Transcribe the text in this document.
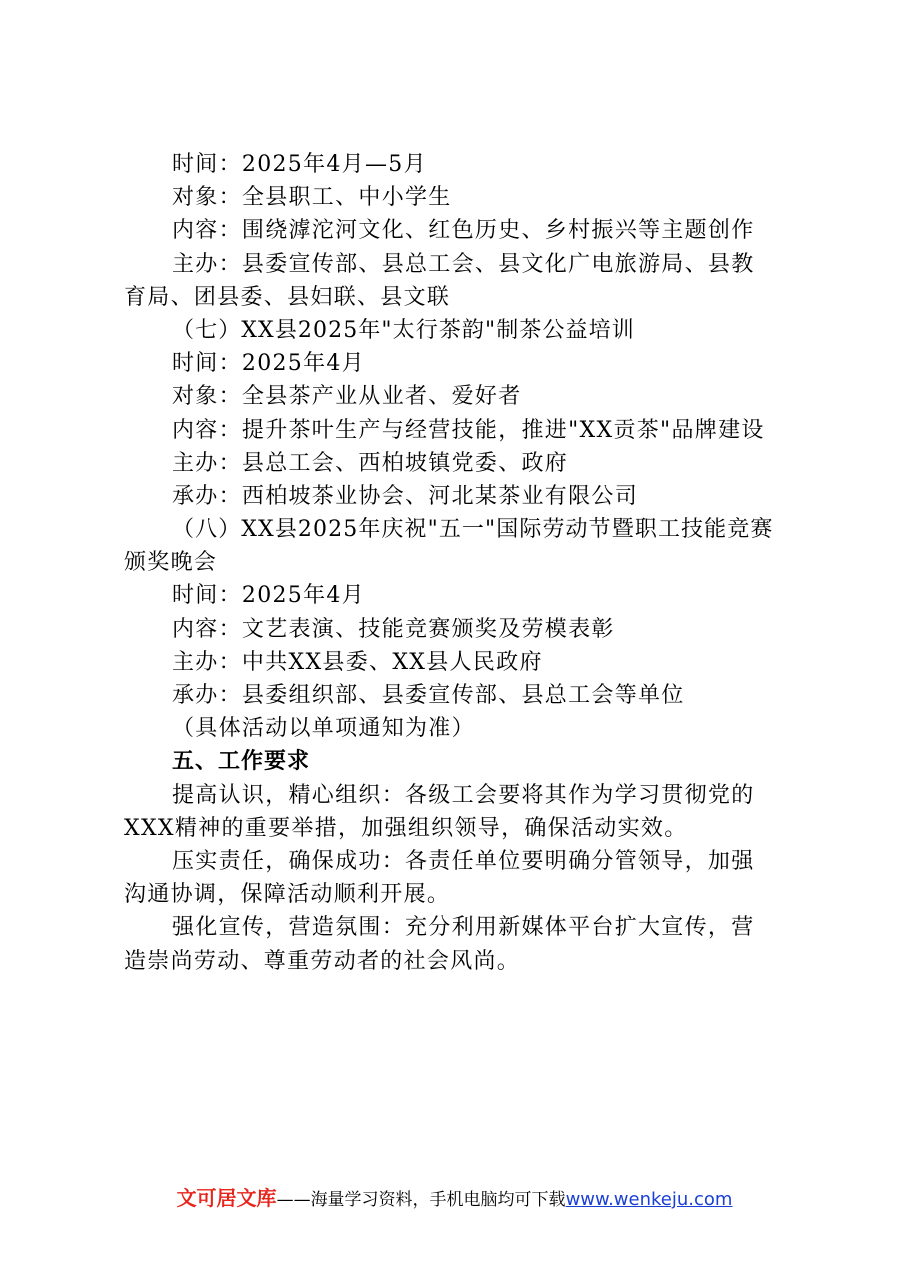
时间：2025年4月—5月
对象：全县职工、中小学生
内容：围绕滹沱河文化、红色历史、乡村振兴等主题创作
主办：县委宣传部、县总工会、县文化广电旅游局、县教
育局、团县委、县妇联、县文联
（七）XX县2025年"太行茶韵"制茶公益培训
时间：2025年4月
对象：全县茶产业从业者、爱好者
内容：提升茶叶生产与经营技能，推进"XX贡茶"品牌建设
主办：县总工会、西柏坡镇党委、政府
承办：西柏坡茶业协会、河北某茶业有限公司
（八）XX县2025年庆祝"五一"国际劳动节暨职工技能竞赛
颁奖晚会
时间：2025年4月
内容：文艺表演、技能竞赛颁奖及劳模表彰
主办：中共XX县委、XX县人民政府
承办：县委组织部、县委宣传部、县总工会等单位
（具体活动以单项通知为准）
五、工作要求
提高认识，精心组织：各级工会要将其作为学习贯彻党的
XXX精神的重要举措，加强组织领导，确保活动实效。
压实责任，确保成功：各责任单位要明确分管领导，加强
沟通协调，保障活动顺利开展。
强化宣传，营造氛围：充分利用新媒体平台扩大宣传，营
造崇尚劳动、尊重劳动者的社会风尚。
文可居文库——海量学习资料，手机电脑均可下载www.wenkeju.com
